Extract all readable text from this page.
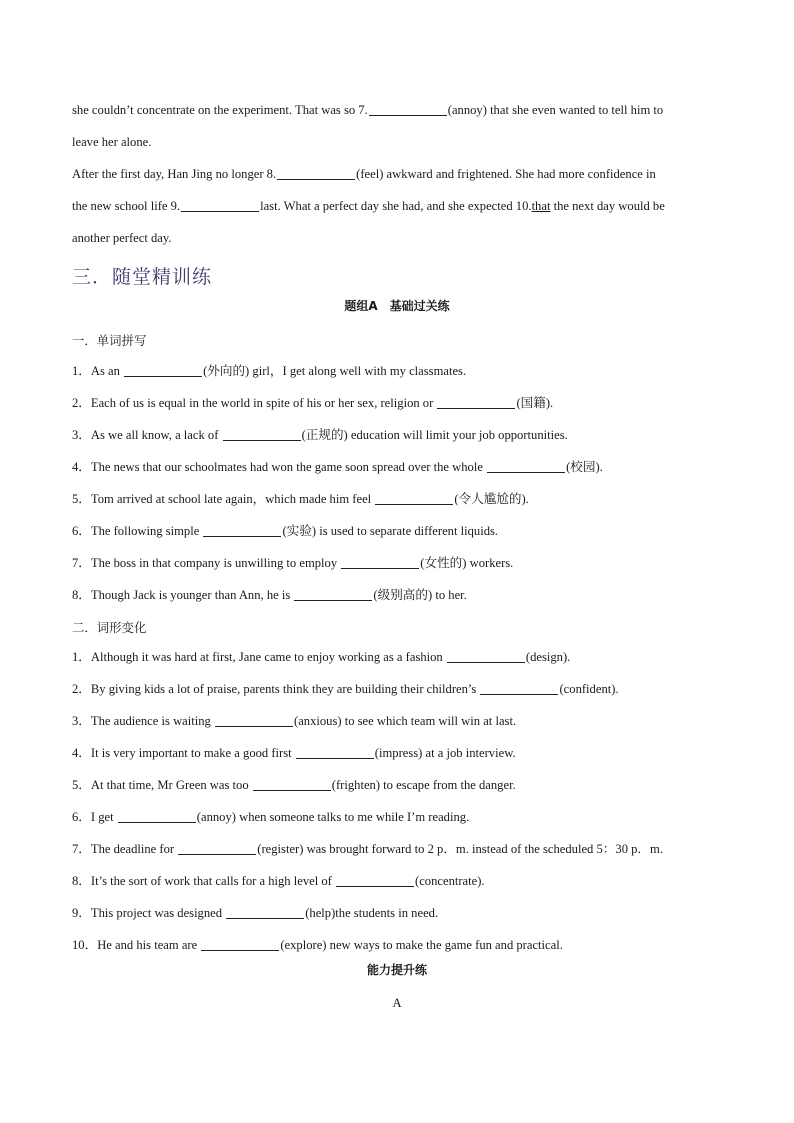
she couldn’t concentrate on the experiment. That was so 7.	(annoy) that she even wanted to tell him to
leave her alone.
After the first day, Han Jing no longer 8.	(feel) awkward and frightened. She had more confidence in
the new school life 9.	last. What a perfect day she had, and she expected 10.that the next day would be
another perfect day.
三．随堂精训练
题组A　基础过关练
一．单词拼写
1．As an	(外向的) girl，I get along well with my classmates.
2．Each of us is equal in the world in spite of his or her sex, religion or	(国籍).
3．As we all know, a lack of	(正规的) education will limit your job opportunities.
4．The news that our schoolmates had won the game soon spread over the whole	(校园).
5．Tom arrived at school late again，which made him feel	(令人尴尬的).
6．The following simple	(实验) is used to separate different liquids.
7．The boss in that company is unwilling to employ	(女性的) workers.
8．Though Jack is younger than Ann, he is	(级别高的) to her.
二．词形变化
1．Although it was hard at first, Jane came to enjoy working as a fashion	(design).
2．By giving kids a lot of praise, parents think they are building their children’s	(confident).
3．The audience is waiting	(anxious) to see which team will win at last.
4．It is very important to make a good first	(impress) at a job interview.
5．At that time, Mr Green was too	(frighten) to escape from the danger.
6．I get	(annoy) when someone talks to me while I’m reading.
7．The deadline for	(register) was brought forward to 2 p．m. instead of the scheduled 5：30 p．m.
8．It’s the sort of work that calls for a high level of	(concentrate).
9．This project was designed	(help)the students in need.
10．He and his team are	(explore) new ways to make the game fun and practical.
能力提升练
A
